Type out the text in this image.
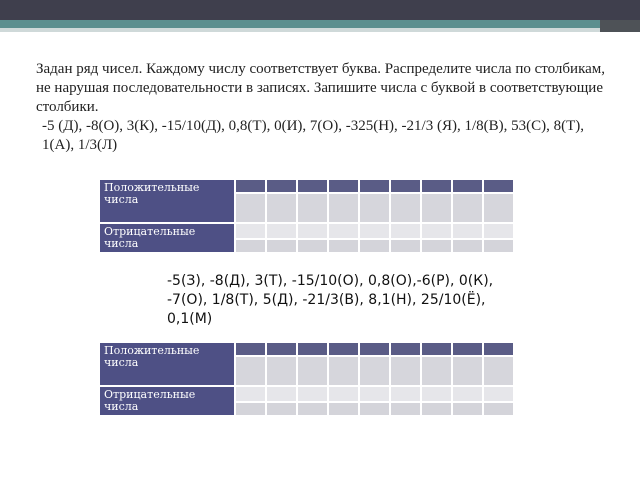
Задан ряд чисел. Каждому числу соответствует буква. Распределите числа по столбикам, не нарушая последовательности в записях. Запишите числа с буквой в соответствующие столбики.

-5 (Д), -8(О), 3(К), -15/10(Д), 0,8(Т), 0(И), 7(О), -325(Н), -21/3 (Я), 1/8(В), 53(С), 8(Т), 1(А), 1/3(Л)

Положительные числа									

Отрицательные числа									

-5(З), -8(Д), 3(Т), -15/10(О), 0,8(О),-6(Р), 0(К), -7(О), 1/8(Т), 5(Д), -21/3(В), 8,1(Н), 25/10(Ё), 0,1(М)

Положительные числа									

Отрицательные числа									
